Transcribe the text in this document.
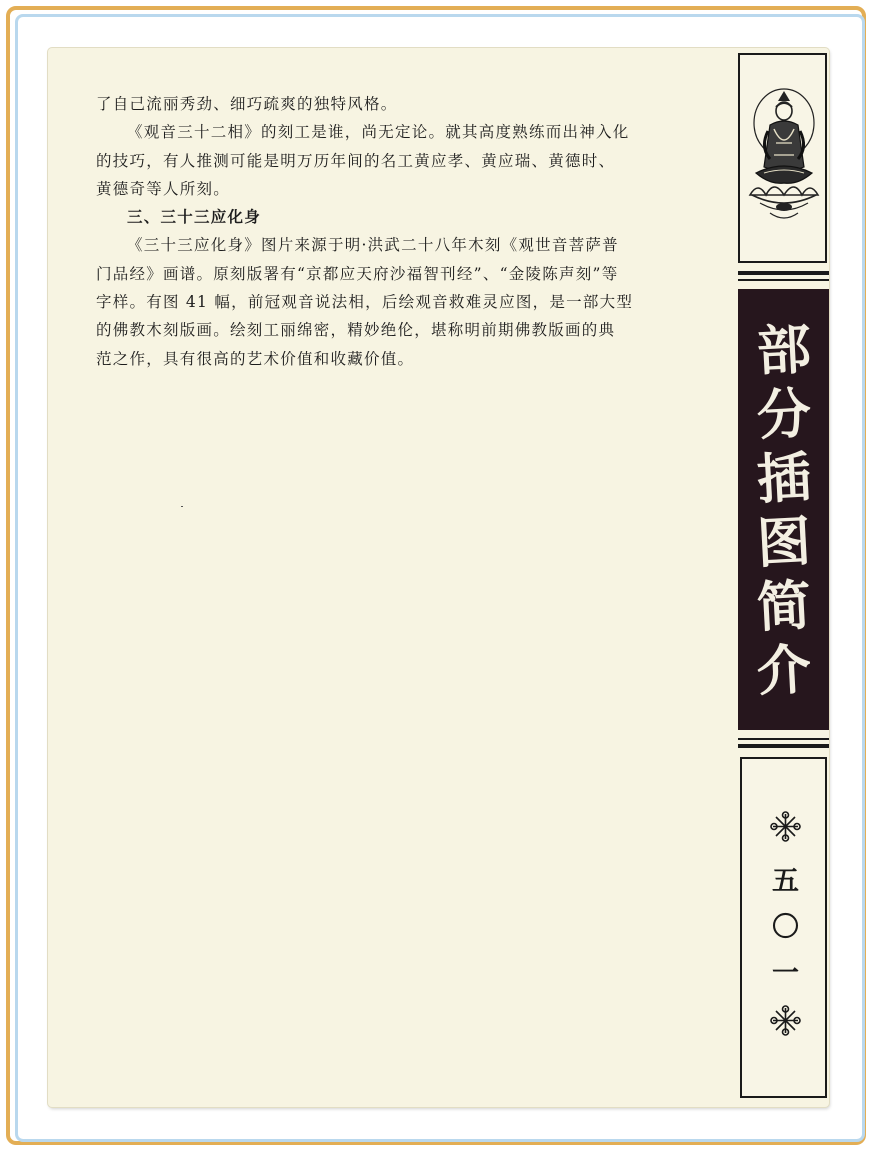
了自己流丽秀劲、细巧疏爽的独特风格。

《观音三十二相》的刻工是谁，尚无定论。就其高度熟练而出神入化
的技巧，有人推测可能是明万历年间的名工黄应孝、黄应瑞、黄德时、
黄德奇等人所刻。

三、三十三应化身

《三十三应化身》图片来源于明·洪武二十八年木刻《观世音菩萨普
门品经》画谱。原刻版署有“京都应天府沙福智刊经”、“金陵陈声刻”等
字样。有图 41 幅，前冠观音说法相，后绘观音救难灵应图，是一部大型
的佛教木刻版画。绘刻工丽绵密，精妙绝伦，堪称明前期佛教版画的典
范之作，具有很高的艺术价值和收藏价值。	部
分
插
图
简
介
五
〇
一
